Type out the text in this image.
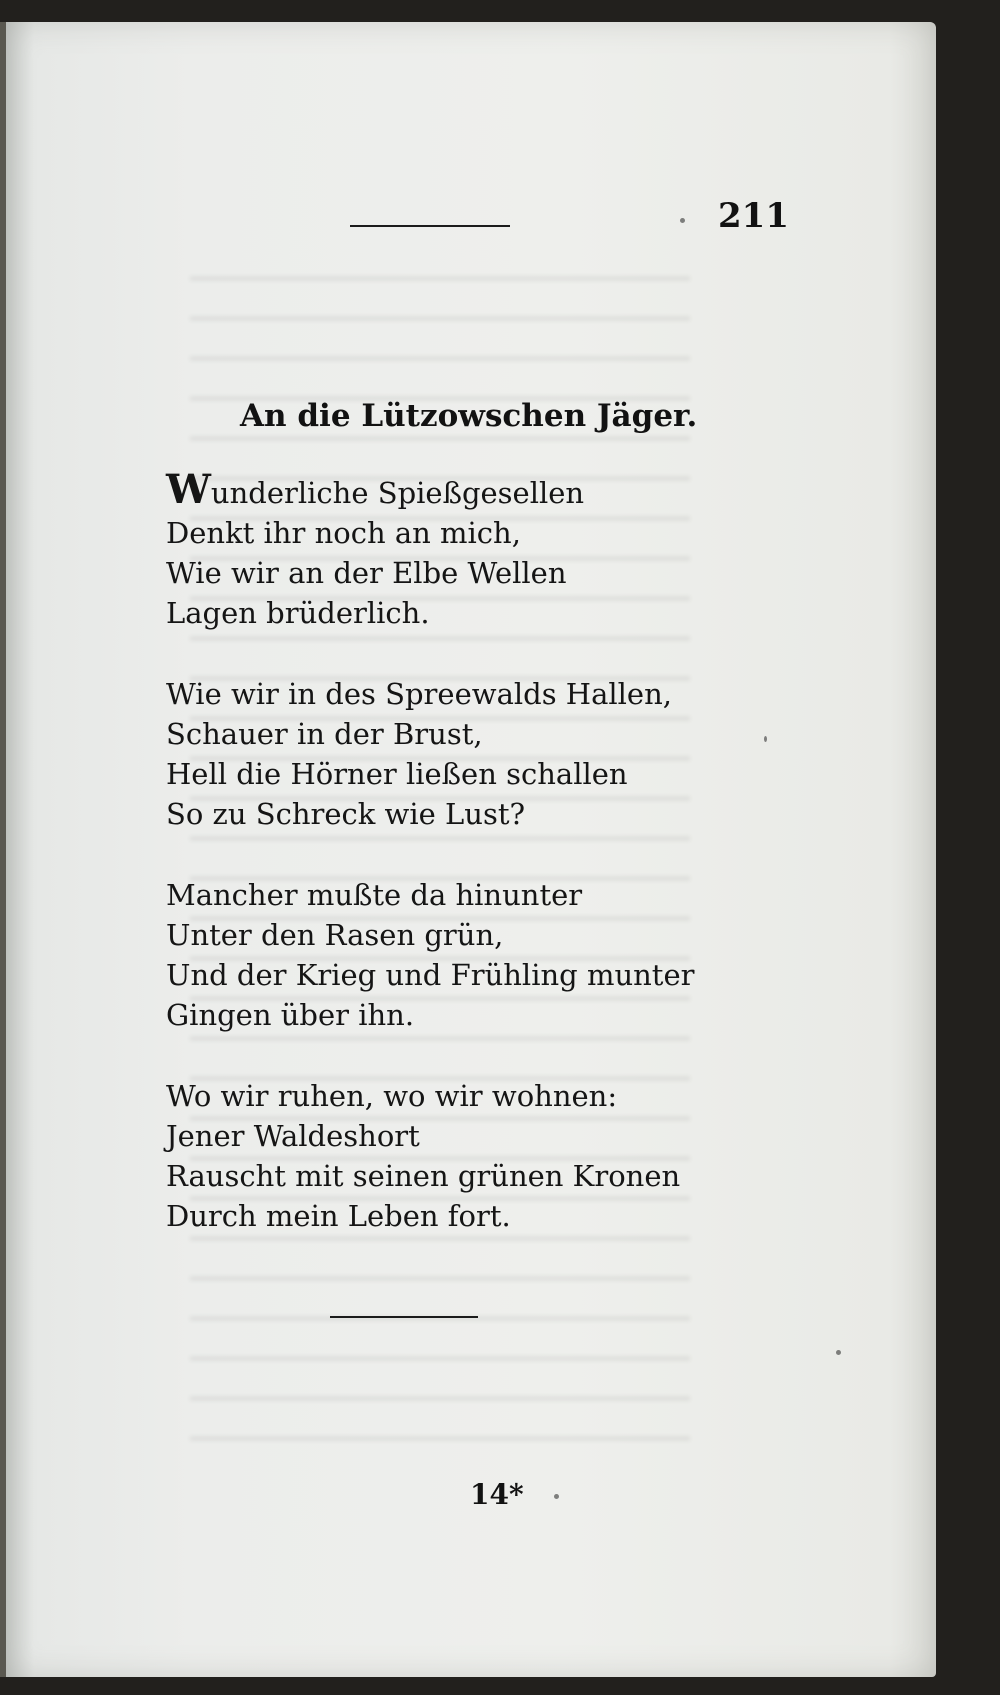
211
An die Lützowschen Jäger.
Wunderliche Spießgesellen
Denkt ihr noch an mich,
Wie wir an der Elbe Wellen
Lagen brüderlich.
Wie wir in des Spreewalds Hallen,
Schauer in der Brust,
Hell die Hörner ließen schallen
So zu Schreck wie Lust?
Mancher mußte da hinunter
Unter den Rasen grün,
Und der Krieg und Frühling munter
Gingen über ihn.
Wo wir ruhen, wo wir wohnen:
Jener Waldeshort
Rauscht mit seinen grünen Kronen
Durch mein Leben fort.
14*
